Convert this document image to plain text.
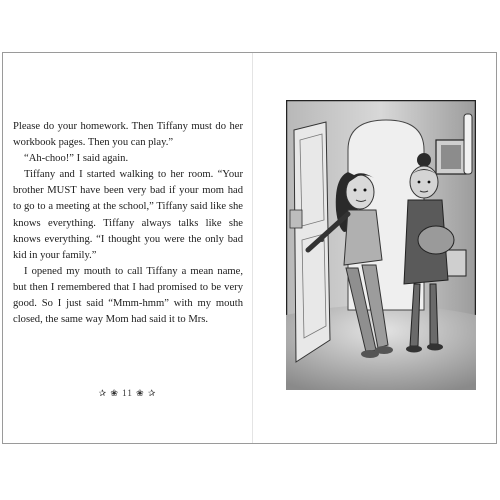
Please do your homework. Then Tiffany must do her workbook pages. Then you can play.”

“Ah-choo!” I said again.

Tiffany and I started walking to her room. “Your brother MUST have been very bad if your mom had to go to a meeting at the school,” Tiffany said like she knows everything. Tiffany always talks like she knows everything. “I thought you were the only bad kid in your family.”

I opened my mouth to call Tiffany a mean name, but then I remembered that I had promised to be very good. So I just said “Mmm-hmm” with my mouth closed, the same way Mom had said it to Mrs.

✰ ❀ 11 ❀ ✰
